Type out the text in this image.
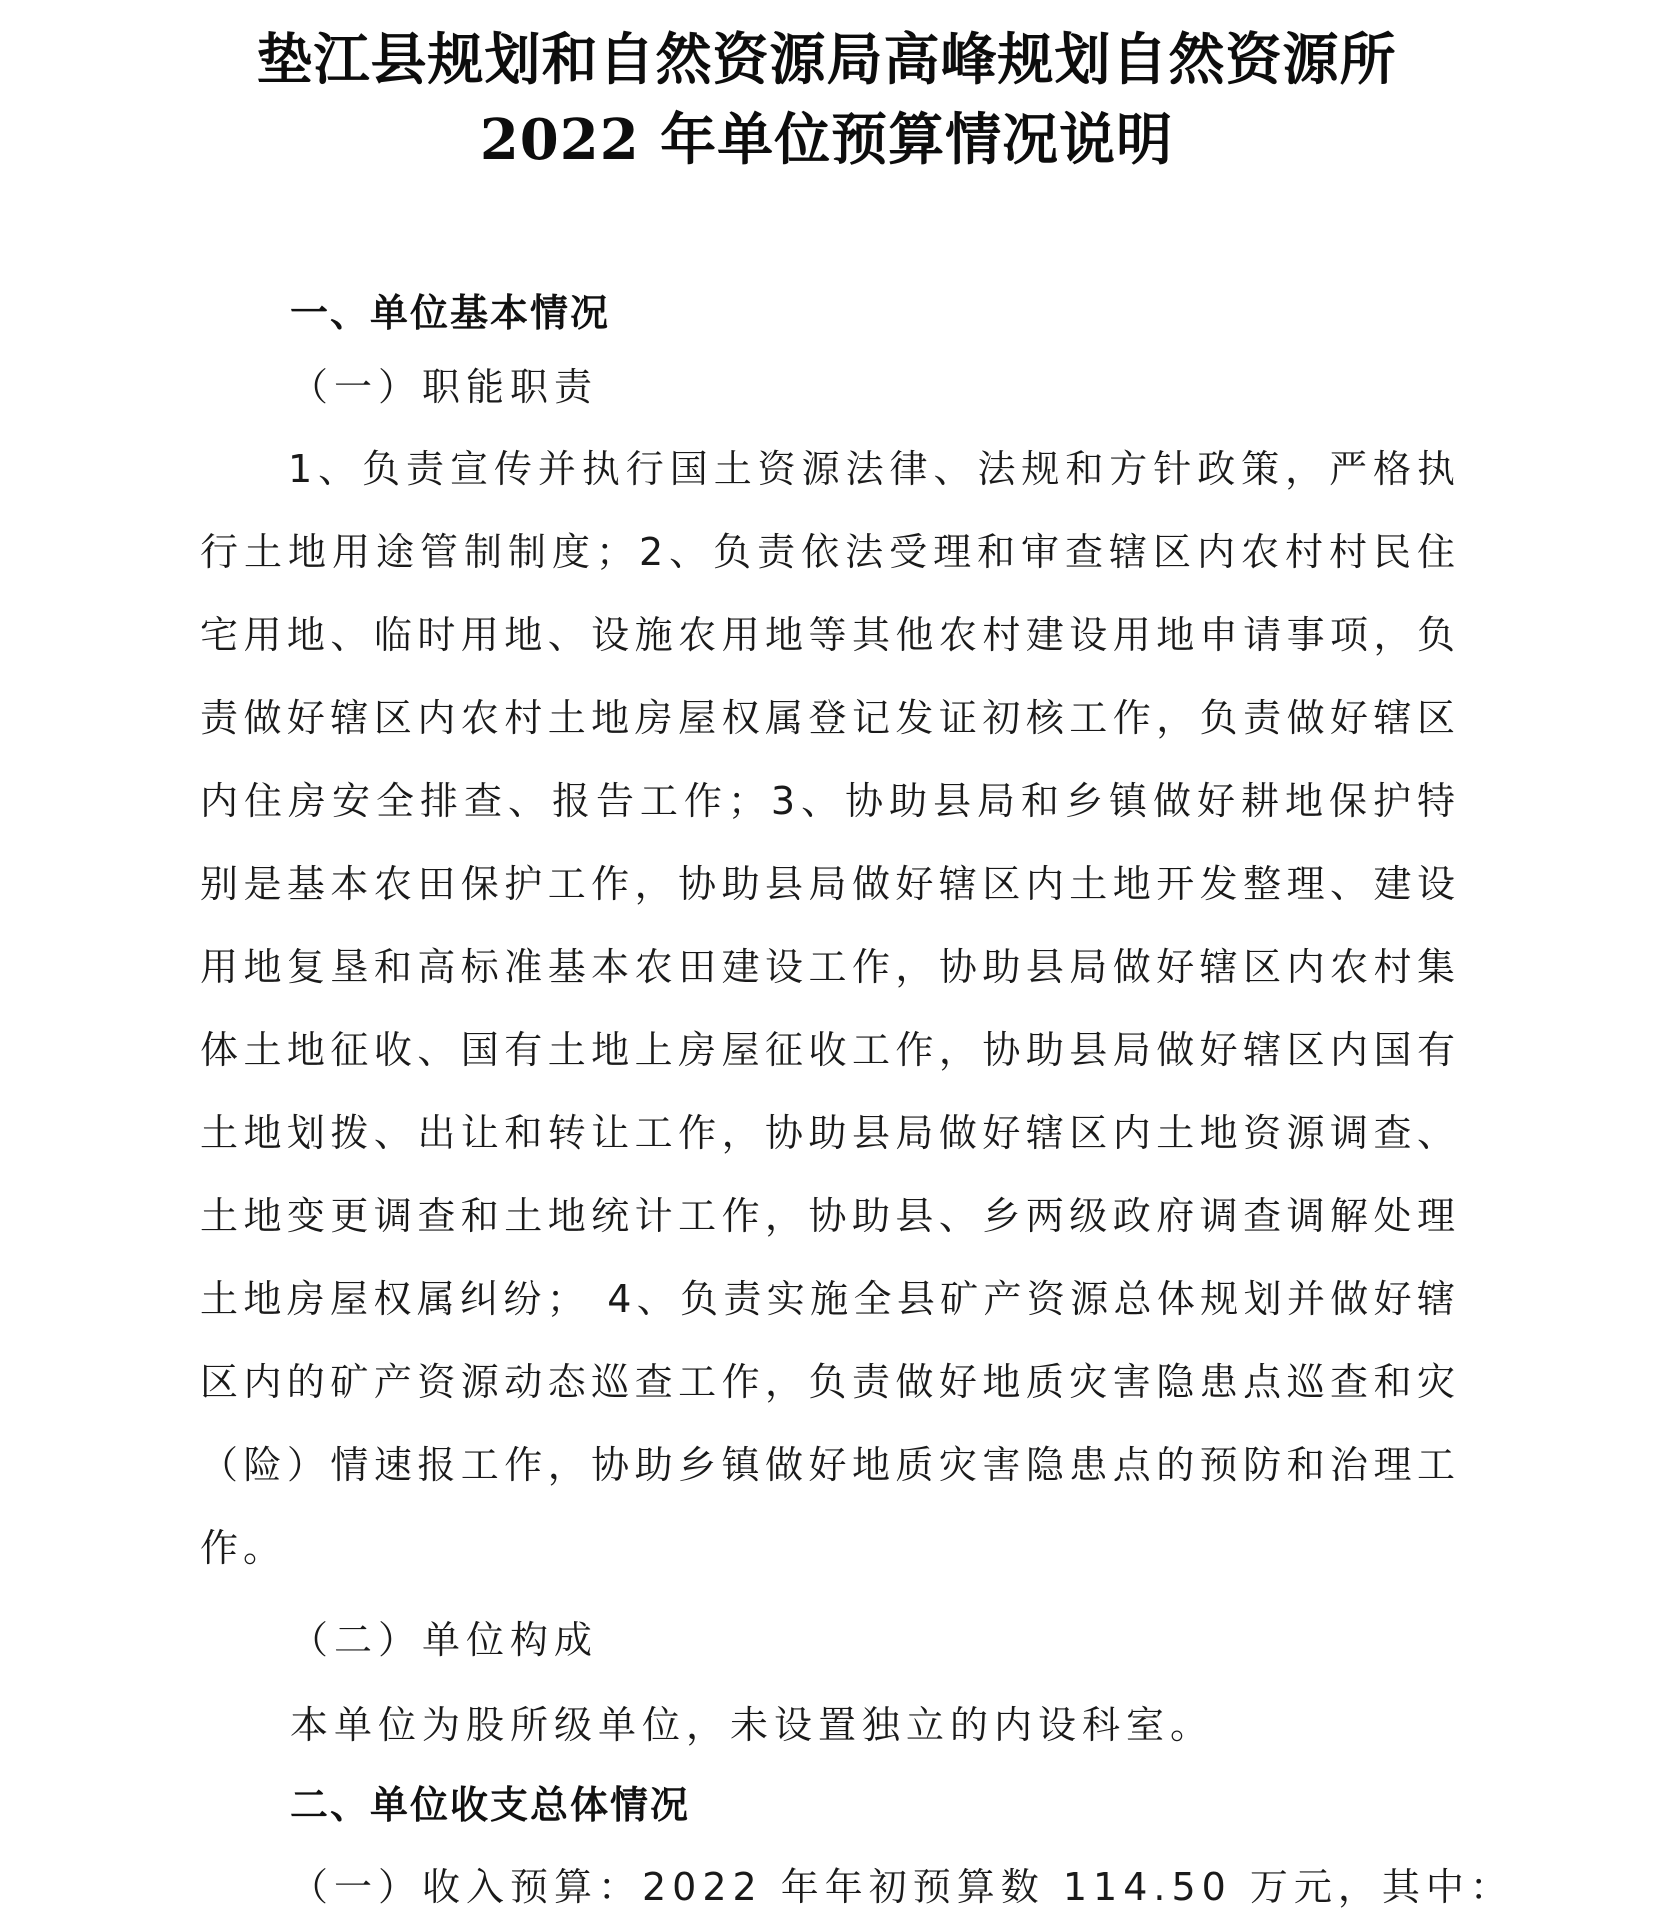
垫江县规划和自然资源局高峰规划自然资源所
2022 年单位预算情况说明
一、单位基本情况
（一）职能职责
1、负责宣传并执行国土资源法律、法规和方针政策，严格执行土地用途管制制度；2、负责依法受理和审查辖区内农村村民住宅用地、临时用地、设施农用地等其他农村建设用地申请事项，负责做好辖区内农村土地房屋权属登记发证初核工作，负责做好辖区内住房安全排查、报告工作；3、协助县局和乡镇做好耕地保护特别是基本农田保护工作，协助县局做好辖区内土地开发整理、建设用地复垦和高标准基本农田建设工作，协助县局做好辖区内农村集体土地征收、国有土地上房屋征收工作，协助县局做好辖区内国有土地划拨、出让和转让工作，协助县局做好辖区内土地资源调查、土地变更调查和土地统计工作，协助县、乡两级政府调查调解处理土地房屋权属纠纷； 4、负责实施全县矿产资源总体规划并做好辖区内的矿产资源动态巡查工作，负责做好地质灾害隐患点巡查和灾（险）情速报工作，协助乡镇做好地质灾害隐患点的预防和治理工作。
（二）单位构成
本单位为股所级单位，未设置独立的内设科室。
二、单位收支总体情况
（一）收入预算：2022 年年初预算数 114.50 万元，其中：
